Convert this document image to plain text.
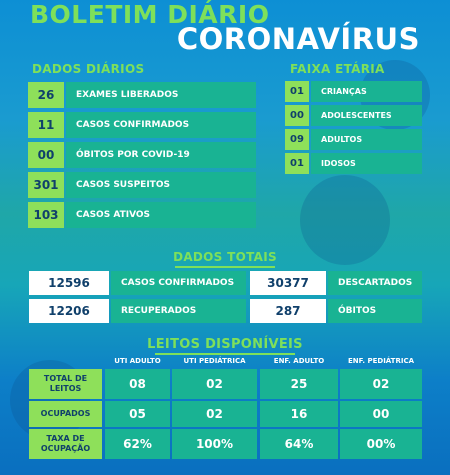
BOLETIM DIÁRIO
CORONAVÍRUS
DADOS DIÁRIOS
26	EXAMES LIBERADOS
11	CASOS CONFIRMADOS
00	ÓBITOS POR COVID-19
301	CASOS SUSPEITOS
103	CASOS ATIVOS
FAIXA ETÁRIA
01	CRIANÇAS
00	ADOLESCENTES
09	ADULTOS
01	IDOSOS
DADOS TOTAIS
12596	CASOS CONFIRMADOS	30377	DESCARTADOS
12206	RECUPERADOS	287	ÓBITOS
LEITOS DISPONÍVEIS
UTI ADULTO	UTI PEDIÁTRICA	ENF. ADULTO	ENF. PEDIÁTRICA
TOTAL DE
LEITOS	08	02	25	02
OCUPADOS	05	02	16	00
TAXA DE
OCUPAÇÃO	62%	100%	64%	00%
